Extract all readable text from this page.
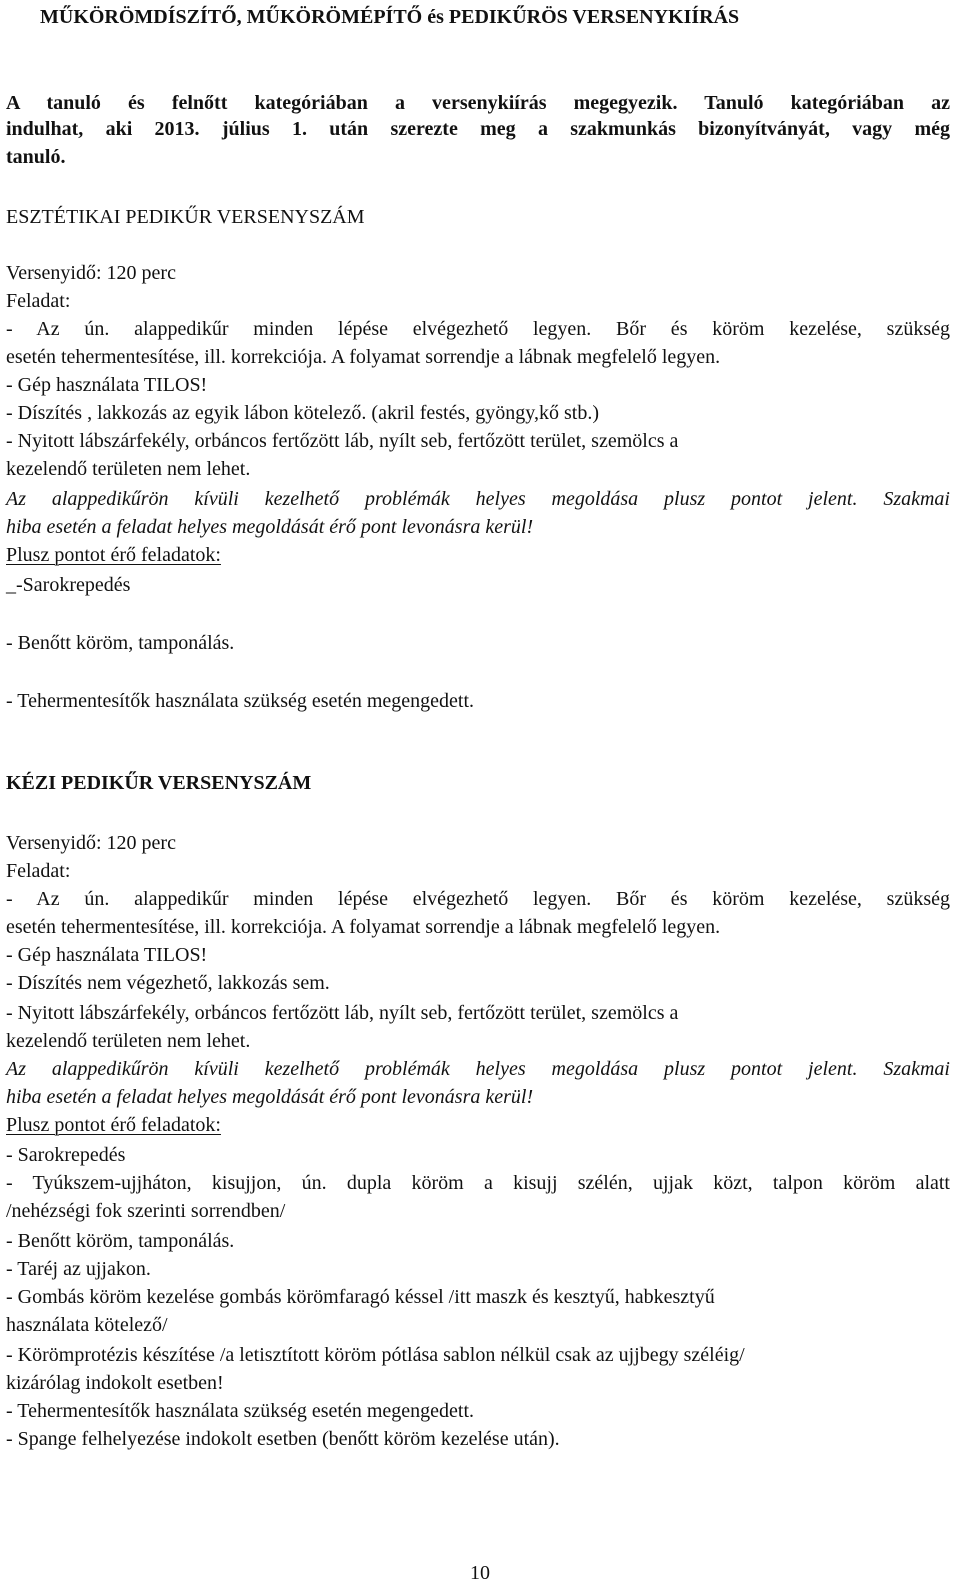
MŰKÖRÖMDÍSZÍTŐ, MŰKÖRÖMÉPÍTŐ és PEDIKŰRÖS VERSENYKIÍRÁS
A tanuló és felnőtt kategóriában a versenykiírás megegyezik. Tanuló kategóriában az
indulhat, aki 2013. július 1. után szerezte meg a szakmunkás bizonyítványát, vagy még
tanuló.
ESZTÉTIKAI PEDIKŰR VERSENYSZÁM
Versenyidő: 120 perc
Feladat:
- Az ún. alappedikűr minden lépése elvégezhető legyen. Bőr és köröm kezelése, szükség
esetén tehermentesítése, ill. korrekciója. A folyamat sorrendje a lábnak megfelelő legyen.
- Gép használata TILOS!
- Díszítés , lakkozás az egyik lábon kötelező. (akril festés, gyöngy,kő stb.)
- Nyitott lábszárfekély, orbáncos fertőzött láb, nyílt seb, fertőzött terület, szemölcs a
kezelendő területen nem lehet.
Az alappedikűrön kívüli kezelhető problémák helyes megoldása plusz pontot jelent. Szakmai
hiba esetén a feladat helyes megoldását érő pont levonásra kerül!
Plusz pontot érő feladatok:
_-Sarokrepedés
- Benőtt köröm, tamponálás.
- Tehermentesítők használata szükség esetén megengedett.
KÉZI PEDIKŰR VERSENYSZÁM
Versenyidő: 120 perc
Feladat:
- Az ún. alappedikűr minden lépése elvégezhető legyen. Bőr és köröm kezelése, szükség
esetén tehermentesítése, ill. korrekciója. A folyamat sorrendje a lábnak megfelelő legyen.
- Gép használata TILOS!
- Díszítés nem végezhető, lakkozás sem.
- Nyitott lábszárfekély, orbáncos fertőzött láb, nyílt seb, fertőzött terület, szemölcs a
kezelendő területen nem lehet.
Az alappedikűrön kívüli kezelhető problémák helyes megoldása plusz pontot jelent. Szakmai
hiba esetén a feladat helyes megoldását érő pont levonásra kerül!
Plusz pontot érő feladatok:
- Sarokrepedés
- Tyúkszem-ujjháton, kisujjon, ún. dupla köröm a kisujj szélén, ujjak közt, talpon köröm alatt
/nehézségi fok szerinti sorrendben/
- Benőtt köröm, tamponálás.
- Taréj az ujjakon.
- Gombás köröm kezelése gombás körömfaragó késsel /itt maszk és kesztyű, habkesztyű
használata kötelező/
- Körömprotézis készítése /a letisztított köröm pótlása sablon nélkül csak az ujjbegy széléig/
kizárólag indokolt esetben!
- Tehermentesítők használata szükség esetén megengedett.
- Spange felhelyezése indokolt esetben (benőtt köröm kezelése után).
10
